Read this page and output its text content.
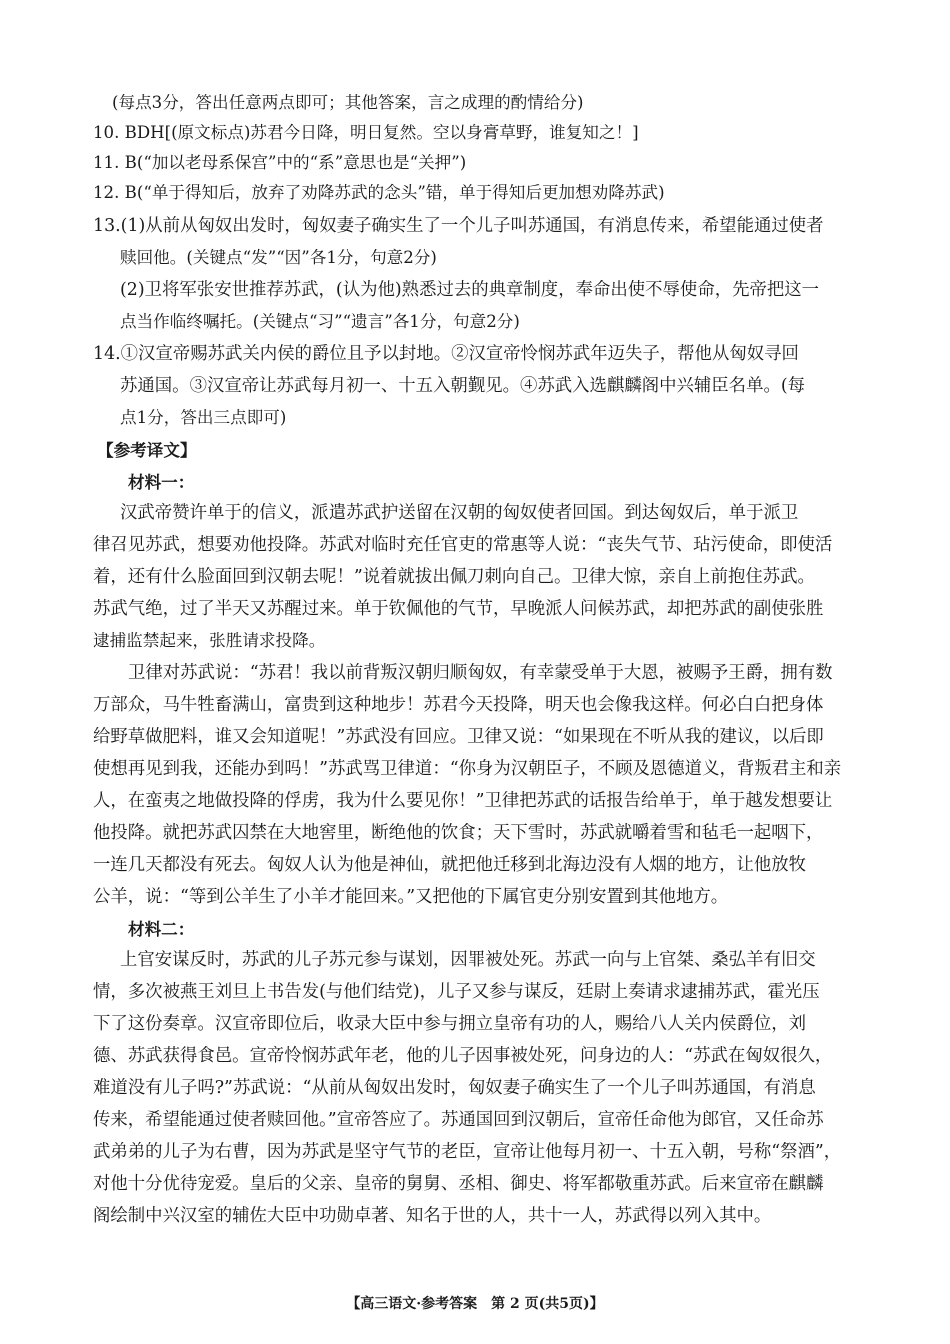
(每点3分，答出任意两点即可；其他答案，言之成理的酌情给分)
10. BDH[(原文标点)苏君今日降，明日复然。空以身膏草野，谁复知之！]
11. B(“加以老母系保宫”中的“系”意思也是“关押”)
12. B(“单于得知后，放弃了劝降苏武的念头”错，单于得知后更加想劝降苏武)
13.(1)从前从匈奴出发时，匈奴妻子确实生了一个儿子叫苏通国，有消息传来，希望能通过使者
赎回他。(关键点“发”“因”各1分，句意2分)
(2)卫将军张安世推荐苏武，(认为他)熟悉过去的典章制度，奉命出使不辱使命，先帝把这一
点当作临终嘱托。(关键点“习”“遗言”各1分，句意2分)
14.①汉宣帝赐苏武关内侯的爵位且予以封地。②汉宣帝怜悯苏武年迈失子，帮他从匈奴寻回
苏通国。③汉宣帝让苏武每月初一、十五入朝觐见。④苏武入选麒麟阁中兴辅臣名单。(每
点1分，答出三点即可)
【参考译文】
材料一：
汉武帝赞许单于的信义，派遣苏武护送留在汉朝的匈奴使者回国。到达匈奴后，单于派卫
律召见苏武，想要劝他投降。苏武对临时充任官吏的常惠等人说：“丧失气节、玷污使命，即使活
着，还有什么脸面回到汉朝去呢！”说着就拔出佩刀刺向自己。卫律大惊，亲自上前抱住苏武。
苏武气绝，过了半天又苏醒过来。单于钦佩他的气节，早晚派人问候苏武，却把苏武的副使张胜
逮捕监禁起来，张胜请求投降。
卫律对苏武说：“苏君！我以前背叛汉朝归顺匈奴，有幸蒙受单于大恩，被赐予王爵，拥有数
万部众，马牛牲畜满山，富贵到这种地步！苏君今天投降，明天也会像我这样。何必白白把身体
给野草做肥料，谁又会知道呢！”苏武没有回应。卫律又说：“如果现在不听从我的建议，以后即
使想再见到我，还能办到吗！”苏武骂卫律道：“你身为汉朝臣子，不顾及恩德道义，背叛君主和亲
人，在蛮夷之地做投降的俘虏，我为什么要见你！”卫律把苏武的话报告给单于，单于越发想要让
他投降。就把苏武囚禁在大地窖里，断绝他的饮食；天下雪时，苏武就嚼着雪和毡毛一起咽下，
一连几天都没有死去。匈奴人认为他是神仙，就把他迁移到北海边没有人烟的地方，让他放牧
公羊，说：“等到公羊生了小羊才能回来。”又把他的下属官吏分别安置到其他地方。
材料二：
上官安谋反时，苏武的儿子苏元参与谋划，因罪被处死。苏武一向与上官桀、桑弘羊有旧交
情，多次被燕王刘旦上书告发(与他们结党)，儿子又参与谋反，廷尉上奏请求逮捕苏武，霍光压
下了这份奏章。汉宣帝即位后，收录大臣中参与拥立皇帝有功的人，赐给八人关内侯爵位，刘
德、苏武获得食邑。宣帝怜悯苏武年老，他的儿子因事被处死，问身边的人：“苏武在匈奴很久，
难道没有儿子吗?”苏武说：“从前从匈奴出发时，匈奴妻子确实生了一个儿子叫苏通国，有消息
传来，希望能通过使者赎回他。”宣帝答应了。苏通国回到汉朝后，宣帝任命他为郎官，又任命苏
武弟弟的儿子为右曹，因为苏武是坚守气节的老臣，宣帝让他每月初一、十五入朝，号称“祭酒”，
对他十分优待宠爱。皇后的父亲、皇帝的舅舅、丞相、御史、将军都敬重苏武。后来宣帝在麒麟
阁绘制中兴汉室的辅佐大臣中功勋卓著、知名于世的人，共十一人，苏武得以列入其中。
【高三语文·参考答案　第 2 页(共5页)】
